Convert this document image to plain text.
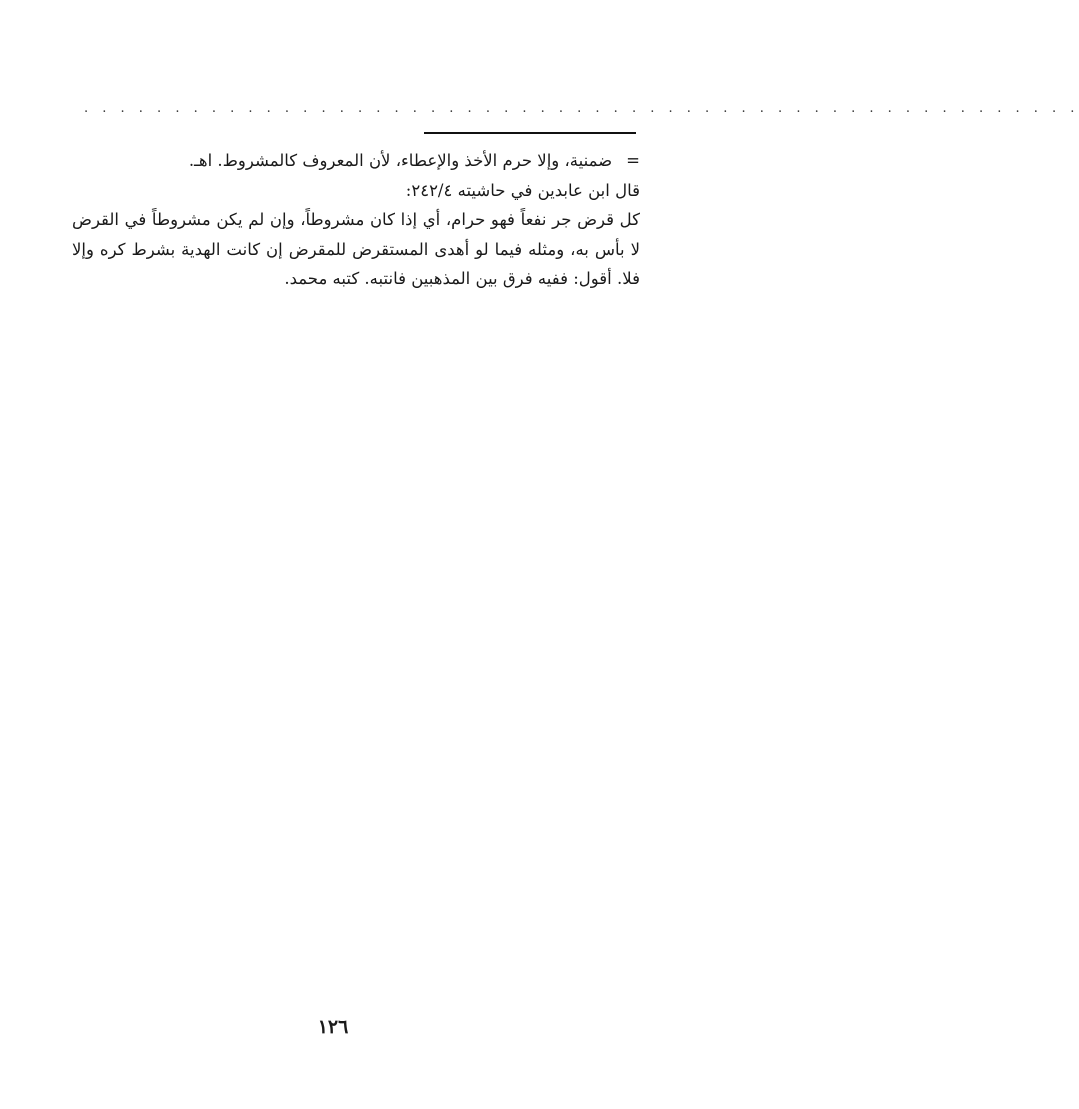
. . . . . . . . . . . . . . . . . . . . . . . . . . . . . . . . . . . . . . . . . . . . . . . . . . . . . . .
=ضمنية، وإلا حرم الأخذ والإعطاء، لأن المعروف كالمشروط. اهـ.
قال ابن عابدين في حاشيته ٢٤٢/٤:
كل قرض جر نفعاً فهو حرام، أي إذا كان مشروطاً، وإن لم يكن مشروطاً في القرض
لا بأس به، ومثله فيما لو أهدى المستقرض للمقرض إن كانت الهدية بشرط كره وإلا
فلا. أقول: ففيه فرق بين المذهبين فانتبه. كتبه محمد.
١٢٦
